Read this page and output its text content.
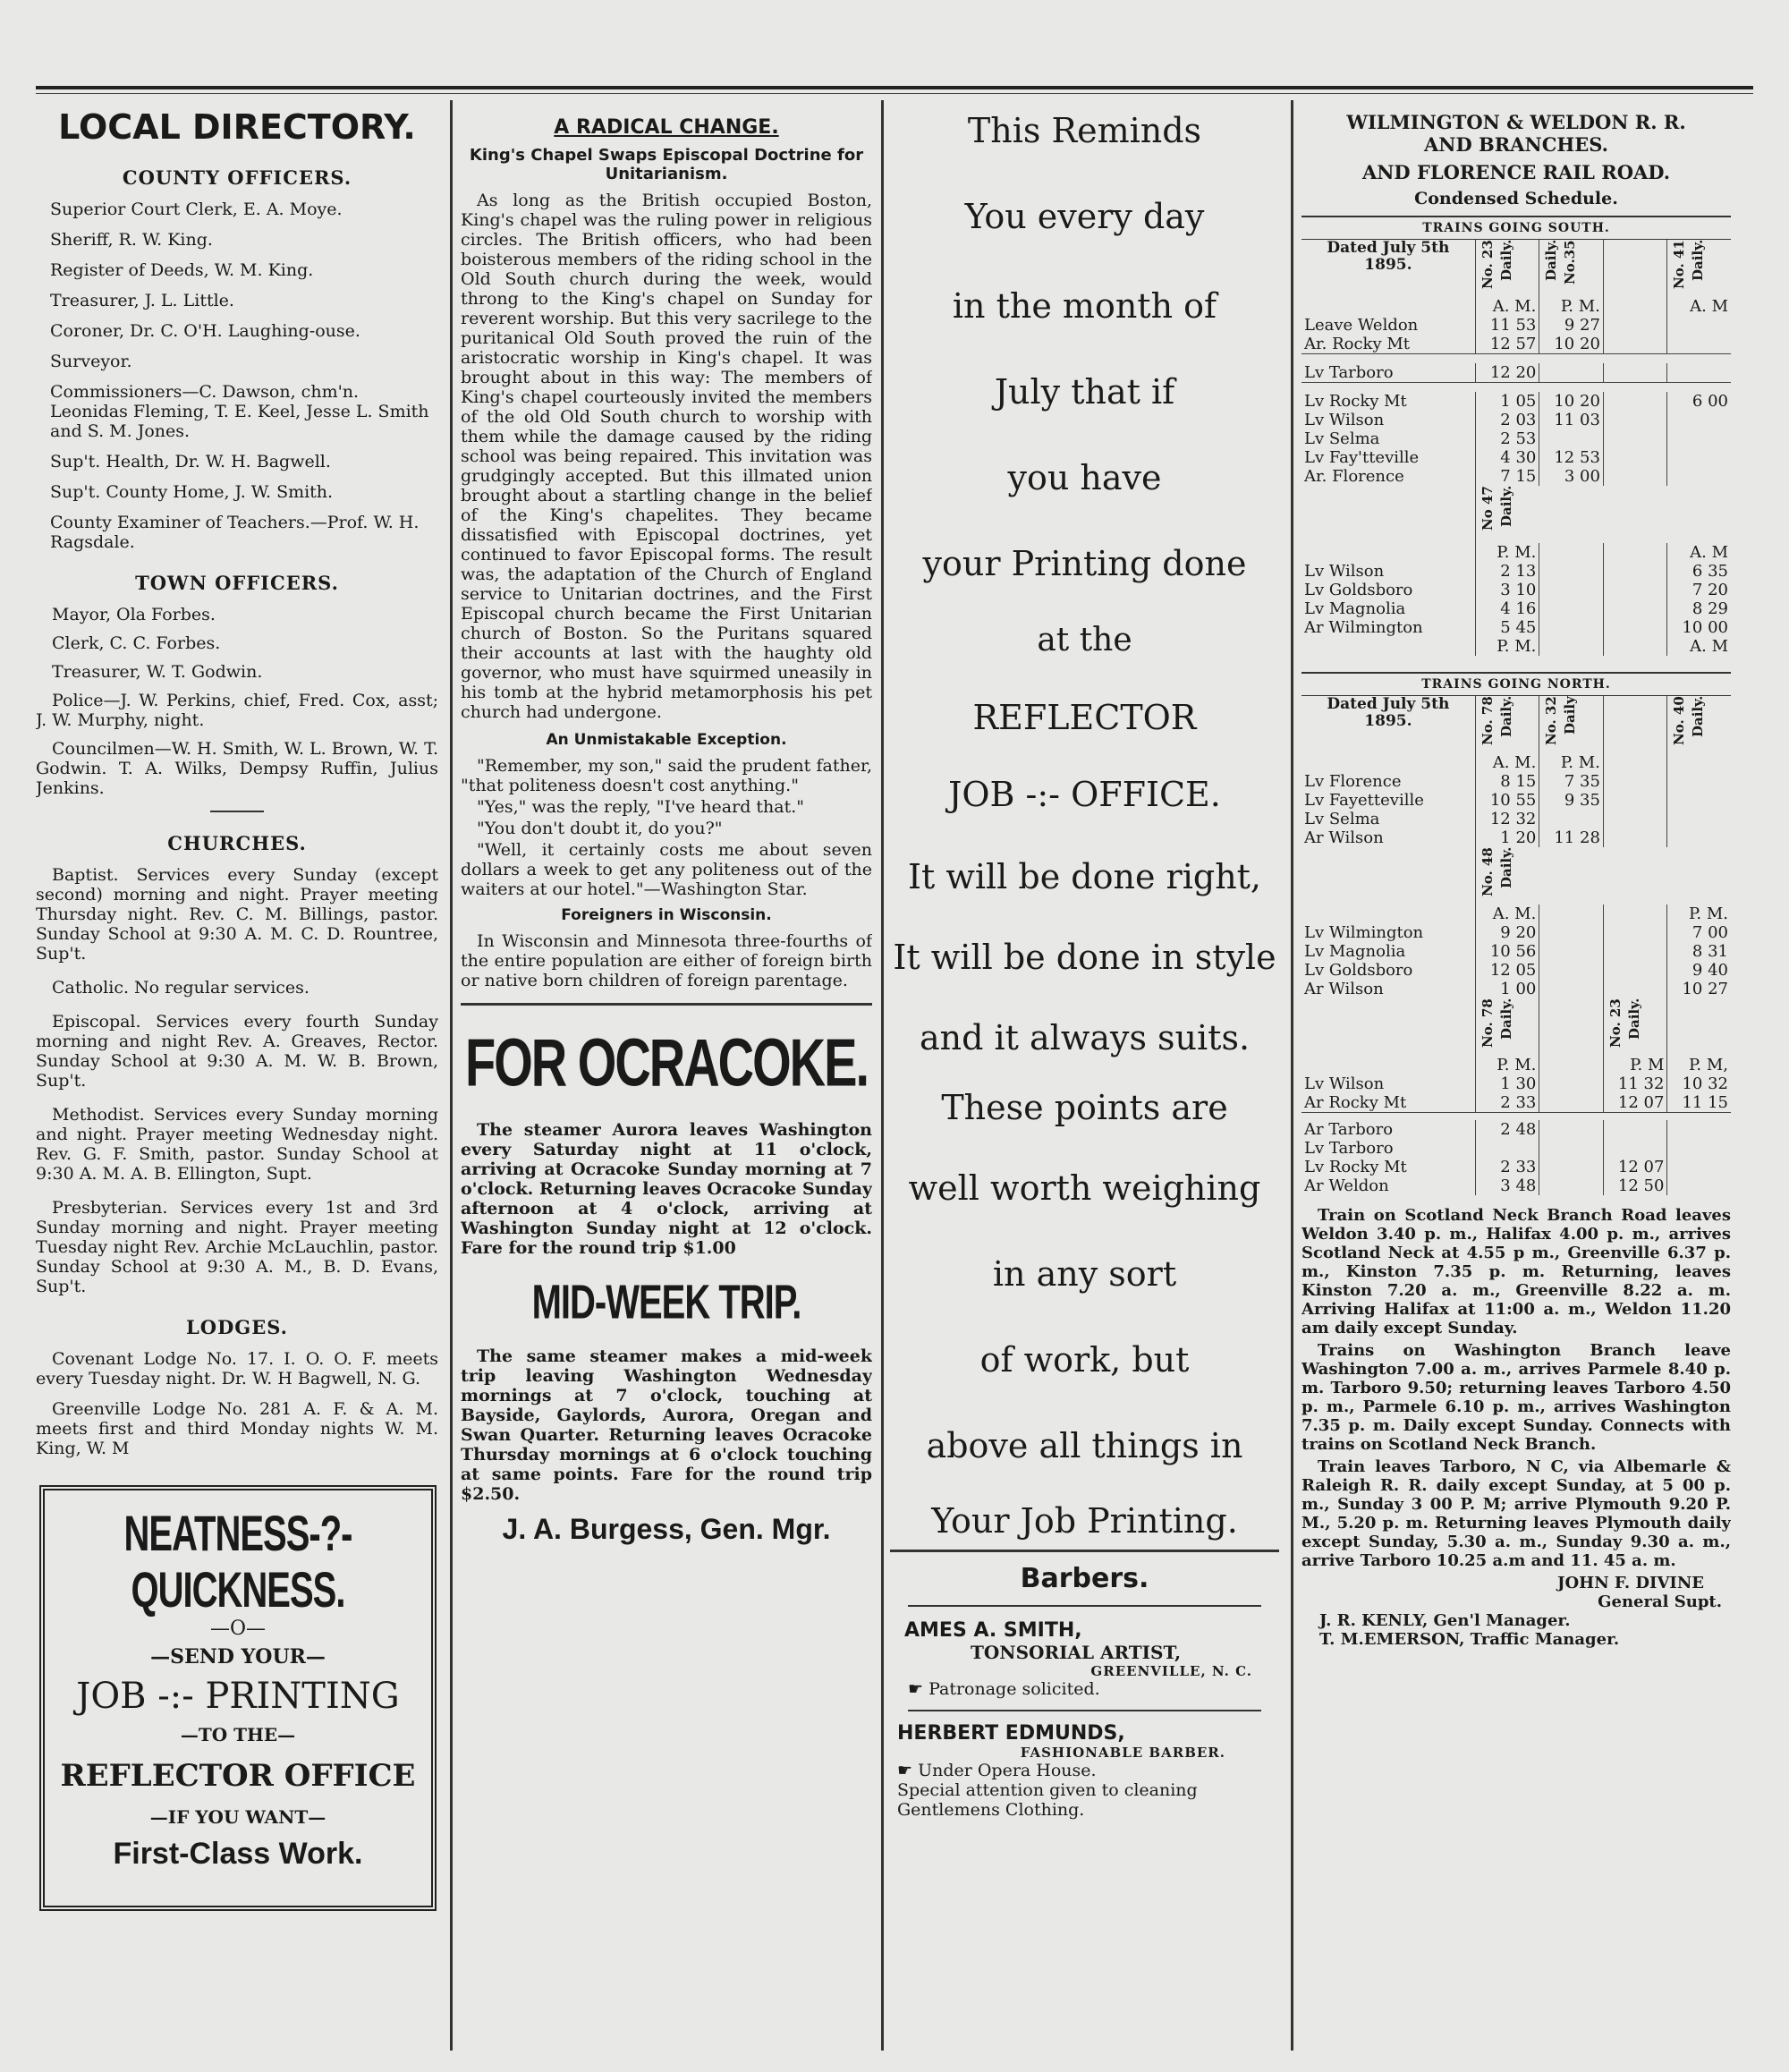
LOCAL DIRECTORY.
COUNTY OFFICERS.

Superior Court Clerk, E. A. Moye.

Sheriff, R. W. King.

Register of Deeds, W. M. King.

Treasurer, J. L. Little.

Coroner, Dr. C. O'H. Laughing-ouse.

Surveyor.

Commissioners—C. Dawson, chm'n. Leonidas Fleming, T. E. Keel, Jesse L. Smith and S. M. Jones.

Sup't. Health, Dr. W. H. Bagwell.

Sup't. County Home, J. W. Smith.

County Examiner of Teachers.—Prof. W. H. Ragsdale.

TOWN OFFICERS.

Mayor, Ola Forbes.

Clerk, C. C. Forbes.

Treasurer, W. T. Godwin.

Police—J. W. Perkins, chief, Fred. Cox, asst; J. W. Murphy, night.

Councilmen—W. H. Smith, W. L. Brown, W. T. Godwin. T. A. Wilks, Dempsy Ruffin, Julius Jenkins.

CHURCHES.

Baptist. Services every Sunday (except second) morning and night. Prayer meeting Thursday night. Rev. C. M. Billings, pastor. Sunday School at 9:30 A. M. C. D. Rountree, Sup't.

Catholic. No regular services.

Episcopal. Services every fourth Sunday morning and night Rev. A. Greaves, Rector. Sunday School at 9:30 A. M. W. B. Brown, Sup't.

Methodist. Services every Sunday morning and night. Prayer meeting Wednesday night. Rev. G. F. Smith, pastor. Sunday School at 9:30 A. M. A. B. Ellington, Supt.

Presbyterian. Services every 1st and 3rd Sunday morning and night. Prayer meeting Tuesday night Rev. Archie McLauchlin, pastor. Sunday School at 9:30 A. M., B. D. Evans, Sup't.

LODGES.

Covenant Lodge No. 17. I. O. O. F. meets every Tuesday night. Dr. W. H Bagwell, N. G.

Greenville Lodge No. 281 A. F. & A. M. meets first and third Monday nights W. M. King, W. M

NEATNESS-?-QUICKNESS.
—O—
—SEND YOUR—
JOB -:- PRINTING
—TO THE—
REFLECTOR OFFICE
—IF YOU WANT—
First-Class Work.
A RADICAL CHANGE.
King's Chapel Swaps Episcopal Doctrine for Unitarianism.

As long as the British occupied Boston, King's chapel was the ruling power in religious circles. The British officers, who had been boisterous members of the riding school in the Old South church during the week, would throng to the King's chapel on Sunday for reverent worship. But this very sacrilege to the puritanical Old South proved the ruin of the aristocratic worship in King's chapel. It was brought about in this way: The members of King's chapel courteously invited the members of the old Old South church to worship with them while the damage caused by the riding school was being repaired. This invitation was grudgingly accepted. But this illmated union brought about a startling change in the belief of the King's chapelites. They became dissatisfied with Episcopal doctrines, yet continued to favor Episcopal forms. The result was, the adaptation of the Church of England service to Unitarian doctrines, and the First Episcopal church became the First Unitarian church of Boston. So the Puritans squared their accounts at last with the haughty old governor, who must have squirmed uneasily in his tomb at the hybrid metamorphosis his pet church had undergone.

An Unmistakable Exception.

"Remember, my son," said the prudent father, "that politeness doesn't cost anything."

"Yes," was the reply, "I've heard that."

"You don't doubt it, do you?"

"Well, it certainly costs me about seven dollars a week to get any politeness out of the waiters at our hotel."—Washington Star.

Foreigners in Wisconsin.

In Wisconsin and Minnesota three-fourths of the entire population are either of foreign birth or native born children of foreign parentage.

FOR OCRACOKE.

The steamer Aurora leaves Washington every Saturday night at 11 o'clock, arriving at Ocracoke Sunday morning at 7 o'clock. Returning leaves Ocracoke Sunday afternoon at 4 o'clock, arriving at Washington Sunday night at 12 o'clock. Fare for the round trip $1.00

MID-WEEK TRIP.

The same steamer makes a mid-week trip leaving Washington Wednesday mornings at 7 o'clock, touching at Bayside, Gaylords, Aurora, Oregan and Swan Quarter. Returning leaves Ocracoke Thursday mornings at 6 o'clock touching at same points. Fare for the round trip $2.50.

J. A. Burgess, Gen. Mgr.
This Reminds
You every day
in the month of
July that if
you have
your Printing done
at the
REFLECTOR
JOB -:- OFFICE.
It will be done right,
It will be done in style
and it always suits.
These points are
well worth weighing
in any sort
of work, but
above all things in
Your Job Printing.
Barbers.
AMES A. SMITH,
TONSORIAL ARTIST,
GREENVILLE, N. C.
☛ Patronage solicited.
HERBERT EDMUNDS,
FASHIONABLE BARBER.
☛ Under Opera House.
Special attention given to cleaning Gentlemens Clothing.
WILMINGTON & WELDON R. R.
AND BRANCHES.
AND FLORENCE RAIL ROAD.
Condensed Schedule.
TRAINS GOING SOUTH.
Dated July 5th 1895.	No. 23 Daily.	Daily. No.35		No. 41 Daily.

	A. M.	P. M.		A. M
Leave Weldon	11 53	9 27		
Ar. Rocky Mt	12 57	10 20		

Lv Tarboro	12 20			

Lv Rocky Mt	1 05	10 20		6 00
Lv Wilson	2 03	11 03		
Lv Selma	2 53			
Lv Fay'tteville	4 30	12 53		
Ar. Florence	7 15	3 00		

	No 47 Daily.			

	P. M.			A. M
Lv Wilson	2 13			6 35
Lv Goldsboro	3 10			7 20
Lv Magnolia	4 16			8 29
Ar Wilmington	5 45			10 00
	P. M.			A. M
TRAINS GOING NORTH.
Dated July 5th 1895.	No. 78 Daily.	No. 32 Daily		No. 40 Daily.

	A. M.	P. M.		
Lv Florence	8 15	7 35		
Lv Fayetteville	10 55	9 35		
Lv Selma	12 32			
Ar Wilson	1 20	11 28		

	No. 48 Daily.			

	A. M.			P. M.
Lv Wilmington	9 20			7 00
Lv Magnolia	10 56			8 31
Lv Goldsboro	12 05			9 40
Ar Wilson	1 00			10 27

	No. 78 Daily.		No. 23 Daily.	

	P. M.		P. M	P. M,
Lv Wilson	1 30		11 32	10 32
Ar Rocky Mt	2 33		12 07	11 15

Ar Tarboro	2 48			
Lv Tarboro				
Lv Rocky Mt	2 33		12 07	
Ar Weldon	3 48		12 50	

Train on Scotland Neck Branch Road leaves Weldon 3.40 p. m., Halifax 4.00 p. m., arrives Scotland Neck at 4.55 p m., Greenville 6.37 p. m., Kinston 7.35 p. m. Returning, leaves Kinston 7.20 a. m., Greenville 8.22 a. m. Arriving Halifax at 11:00 a. m., Weldon 11.20 am daily except Sunday.

Trains on Washington Branch leave Washington 7.00 a. m., arrives Parmele 8.40 p. m. Tarboro 9.50; returning leaves Tarboro 4.50 p. m., Parmele 6.10 p. m., arrives Washington 7.35 p. m. Daily except Sunday. Connects with trains on Scotland Neck Branch.

Train leaves Tarboro, N C, via Albemarle & Raleigh R. R. daily except Sunday, at 5 00 p. m., Sunday 3 00 P. M; arrive Plymouth 9.20 P. M., 5.20 p. m. Returning leaves Plymouth daily except Sunday, 5.30 a. m., Sunday 9.30 a. m., arrive Tarboro 10.25 a.m and 11. 45 a. m.

JOHN F. DIVINE
General Supt.
J. R. KENLY, Gen'l Manager.
T. M.EMERSON, Traffic Manager.
